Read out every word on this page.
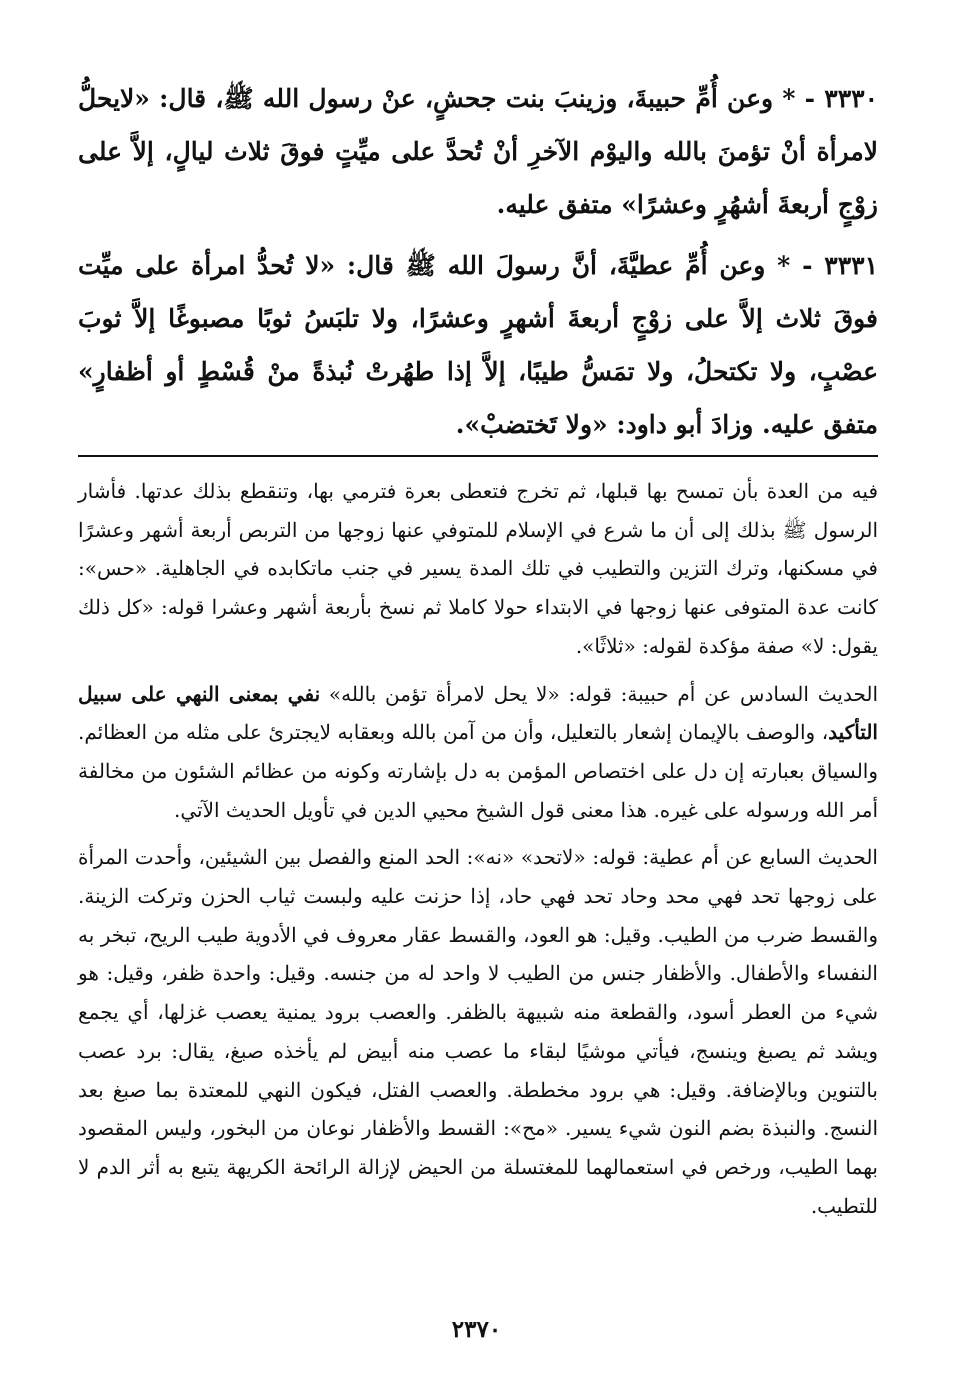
٣٣٣٠ - * وعن أُمِّ حبيبةَ، وزينبَ بنت جحشٍ، عنْ رسول الله ﷺ، قال: «لايحلُّ لامرأة أنْ تؤمنَ بالله واليوْم الآخرِ أنْ تُحدَّ على ميِّتٍ فوقَ ثلاث ليالٍ، إلاَّ على زوْجٍ أربعةَ أشهُرٍ وعشرًا» متفق عليه.

٣٣٣١ - * وعن أُمِّ عطيَّةَ، أنَّ رسولَ الله ﷺ قال: «لا تُحدُّ امرأة على ميِّت فوقَ ثلاث إلاَّ على زوْجٍ أربعةَ أشهرٍ وعشرًا، ولا تلبَسُ ثوبًا مصبوغًا إلاَّ ثوبَ عصْبٍ، ولا تكتحلُ، ولا تمَسُّ طيبًا، إلاَّ إذا طهُرتْ نُبذةً منْ قُسْطٍ أو أظفارٍ» متفق عليه. وزادَ أبو داود: «ولا تَختضبْ».

فيه من العدة بأن تمسح بها قبلها، ثم تخرج فتعطى بعرة فترمي بها، وتنقطع بذلك عدتها. فأشار الرسول ﷺ بذلك إلى أن ما شرع في الإسلام للمتوفي عنها زوجها من التربص أربعة أشهر وعشرًا في مسكنها، وترك التزين والتطيب في تلك المدة يسير في جنب ماتكابده في الجاهلية. «حس»: كانت عدة المتوفى عنها زوجها في الابتداء حولا كاملا ثم نسخ بأربعة أشهر وعشرا قوله: «كل ذلك يقول: لا» صفة مؤكدة لقوله: «ثلاثًا».

الحديث السادس عن أم حبيبة: قوله: «لا يحل لامرأة تؤمن بالله» نفي بمعنى النهي على سبيل التأكيد، والوصف بالإيمان إشعار بالتعليل، وأن من آمن بالله وبعقابه لايجترئ على مثله من العظائم. والسياق بعبارته إن دل على اختصاص المؤمن به دل بإشارته وكونه من عظائم الشئون من مخالفة أمر الله ورسوله على غيره. هذا معنى قول الشيخ محيي الدين في تأويل الحديث الآتي.

الحديث السابع عن أم عطية: قوله: «لاتحد» «نه»: الحد المنع والفصل بين الشيئين، وأحدت المرأة على زوجها تحد فهي محد وحاد تحد فهي حاد، إذا حزنت عليه ولبست ثياب الحزن وتركت الزينة. والقسط ضرب من الطيب. وقيل: هو العود، والقسط عقار معروف في الأدوية طيب الريح، تبخر به النفساء والأطفال. والأظفار جنس من الطيب لا واحد له من جنسه. وقيل: واحدة ظفر، وقيل: هو شيء من العطر أسود، والقطعة منه شبيهة بالظفر. والعصب برود يمنية يعصب غزلها، أي يجمع ويشد ثم يصبغ وينسج، فيأتي موشيًا لبقاء ما عصب منه أبيض لم يأخذه صبغ، يقال: برد عصب بالتنوين وبالإضافة. وقيل: هي برود مخططة. والعصب الفتل، فيكون النهي للمعتدة بما صبغ بعد النسج. والنبذة بضم النون شيء يسير. «مح»: القسط والأظفار نوعان من البخور، وليس المقصود بهما الطيب، ورخص في استعمالهما للمغتسلة من الحيض لإزالة الرائحة الكريهة يتبع به أثر الدم لا للتطيب.

٢٣٧٠
